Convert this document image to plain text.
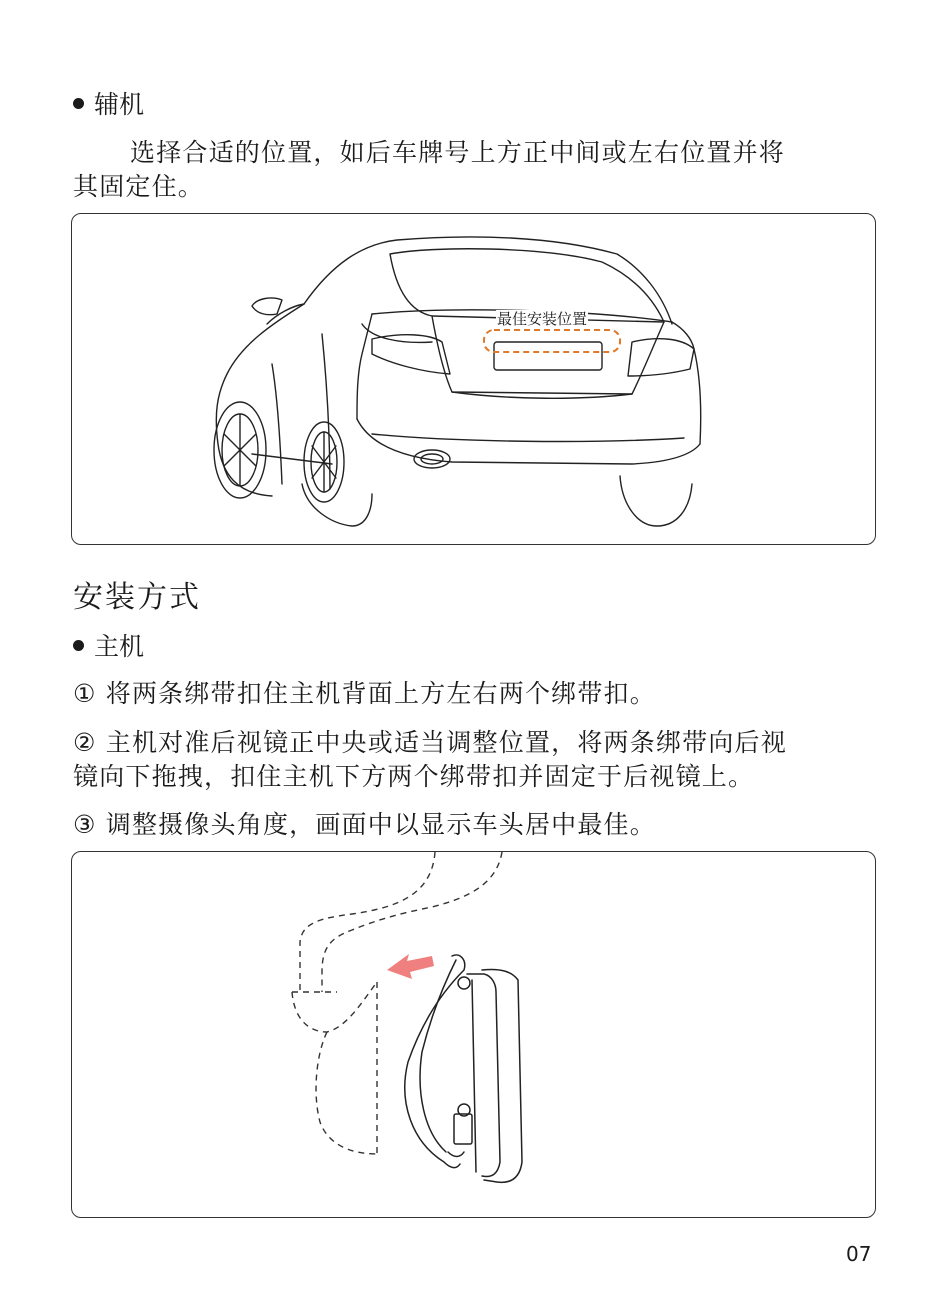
辅机
选择合适的位置，如后车牌号上方正中间或左右位置并将
其固定住。
最佳安装位置
安装方式
主机
① 将两条绑带扣住主机背面上方左右两个绑带扣。
② 主机对准后视镜正中央或适当调整位置，将两条绑带向后视
镜向下拖拽，扣住主机下方两个绑带扣并固定于后视镜上。
③ 调整摄像头角度，画面中以显示车头居中最佳。
07
